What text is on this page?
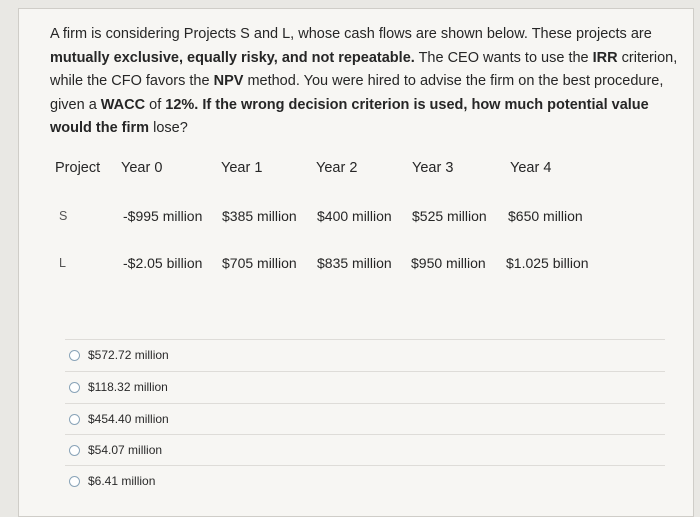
A firm is considering Projects S and L, whose cash flows are shown below. These projects are mutually exclusive, equally risky, and not repeatable. The CEO wants to use the IRR criterion, while the CFO favors the NPV method. You were hired to advise the firm on the best procedure, given a WACC of 12%. If the wrong decision criterion is used, how much potential value would the firm lose?
Project Year 0	Year 1	Year 2	Year 3	Year 4
S	-$995 million $385 million $400 million $525 million $650 million
L	-$2.05 billion $705 million $835 million $950 million $1.025 billion
$572.72 million
$118.32 million
$454.40 million
$54.07 million
$6.41 million
